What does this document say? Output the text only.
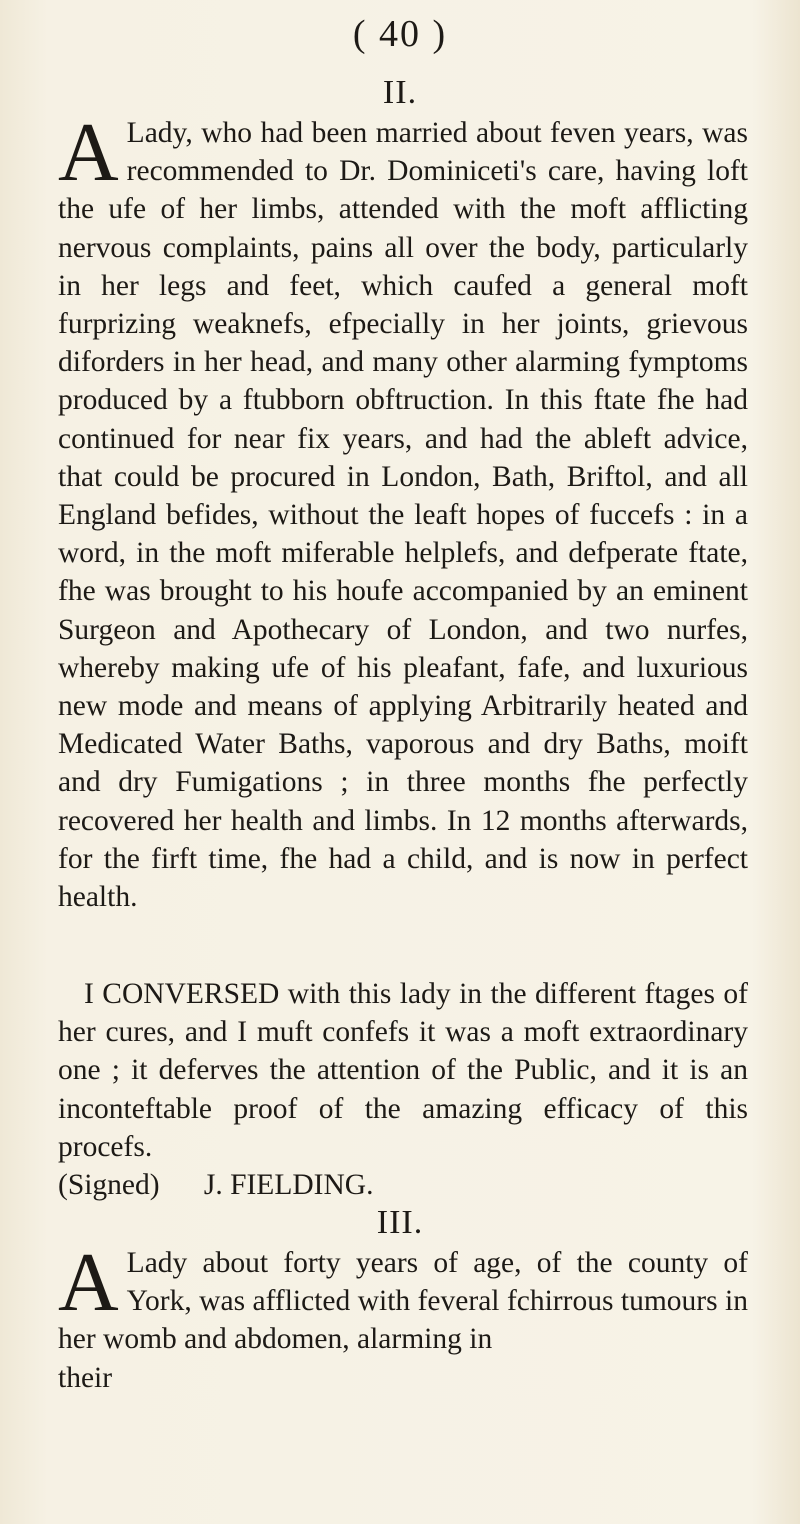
( 40 )
II.

A Lady, who had been married about feven years, was recommended to Dr. Dominiceti's care, having loft the ufe of her limbs, attended with the moft afflicting nervous complaints, pains all over the body, particularly in her legs and feet, which caufed a general moft furprizing weaknefs, efpecially in her joints, grievous diforders in her head, and many other alarming fymptoms produced by a ftubborn obftruction. In this ftate fhe had continued for near fix years, and had the ableft advice, that could be procured in London, Bath, Briftol, and all England befides, without the leaft hopes of fuccefs : in a word, in the moft miferable helplefs, and defperate ftate, fhe was brought to his houfe accompanied by an eminent Surgeon and Apothecary of London, and two nurfes, whereby making ufe of his pleafant, fafe, and luxurious new mode and means of applying Arbitrarily heated and Medicated Water Baths, vaporous and dry Baths, moift and dry Fumigations ; in three months fhe perfectly recovered her health and limbs. In 12 months afterwards, for the firft time, fhe had a child, and is now in perfect health.

I CONVERSED with this lady in the different ftages of her cures, and I muft confefs it was a moft extraordinary one ; it deferves the attention of the Public, and it is an inconteftable proof of the amazing efficacy of this procefs.

(Signed)      J. FIELDING.

III.

A Lady about forty years of age, of the county of York, was afflicted with feveral fchirrous tumours in her womb and abdomen, alarming in

their
